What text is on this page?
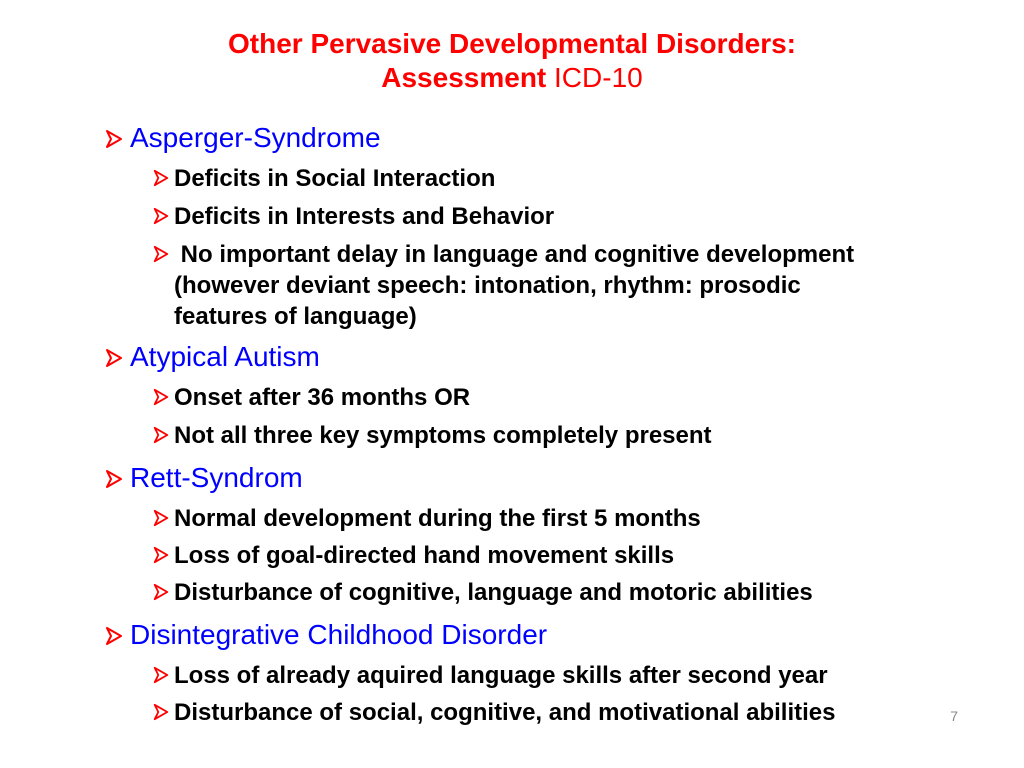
Other Pervasive Developmental Disorders:
Assessment ICD-10
Asperger-Syndrome
Deficits in Social Interaction
Deficits in Interests and Behavior
No important delay in language and cognitive development  (however deviant speech: intonation, rhythm: prosodic features of language)
Atypical Autism
Onset after 36 months OR
Not all three key symptoms completely present
Rett-Syndrom
Normal development during the first 5 months
Loss of goal-directed hand movement skills
Disturbance of cognitive, language and motoric abilities
Disintegrative Childhood Disorder
Loss of already aquired language skills after second year
Disturbance of social, cognitive, and motivational abilities	7
